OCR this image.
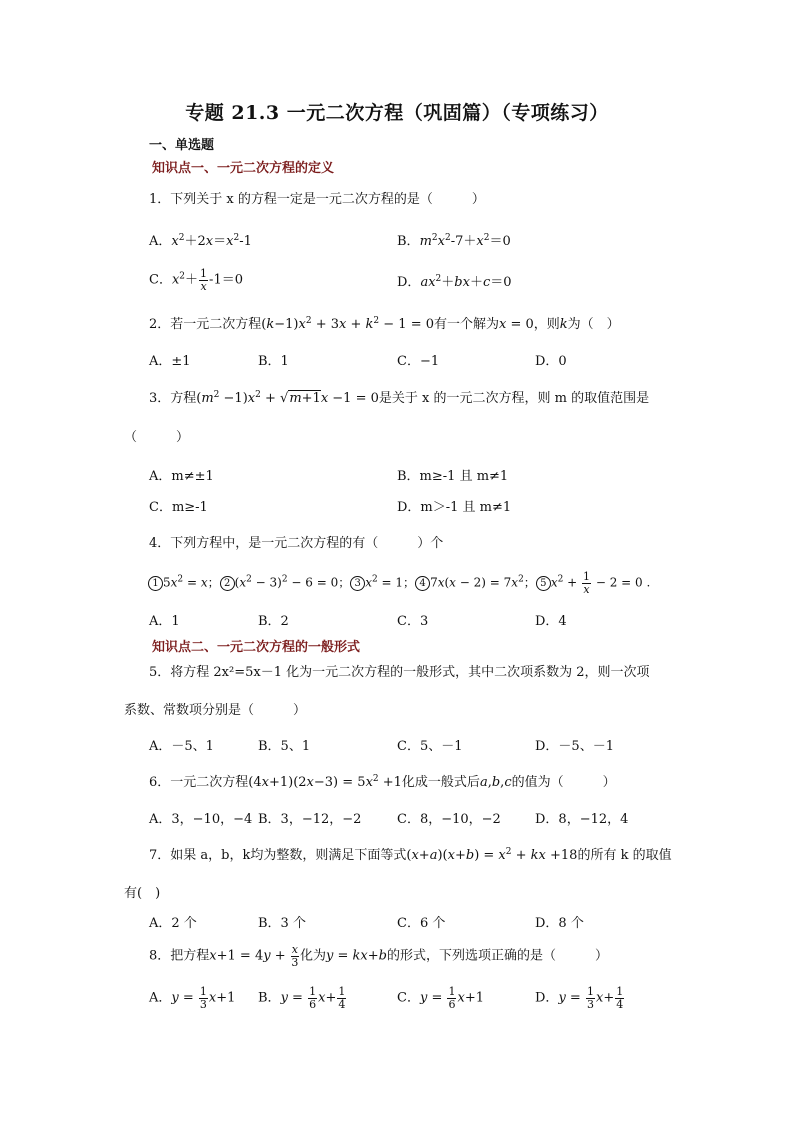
专题 21.3 一元二次方程（巩固篇）（专项练习）
一、单选题
知识点一、一元二次方程的定义
1．下列关于 x 的方程一定是一元二次方程的是（　　　）
A．$x^2+2x=x^2-1$	B．$m^2x^2-7+x^2=0$
C．$x^2+ \frac{1}{x} -1=0$	D．$ax^2+bx+c=0$
2．若一元二次方程$(k-1)x^2 + 3x + k^2 - 1 = 0$有一个解为x = 0，则k为（　）
A．±1	B．1	C．−1	D．0
3．方程$(m^2 -1)x^2 + √m+1x -1 = 0$是关于 x 的一元二次方程，则 m 的取值范围是
（　　　）
A．m≠±1	B．m≥-1 且 m≠1
C．m≥-1	D．m＞-1 且 m≠1
4．下列方程中，是一元二次方程的有（　　　）个
1 $5x^2 = x$； 2 $(x^2 - 3)^2 - 6 = 0$； 3 $x^2 = 1$； 4 $7x(x - 2) = 7x^2$； 5 $x^2 + \frac{1}{x} - 2 = 0$ .
A．1	B．2	C．3	D．4
知识点二、一元二次方程的一般形式
5．将方程 2x²=5x－1 化为一元二次方程的一般形式，其中二次项系数为 2，则一次项
系数、常数项分别是（　　　）
A．－5、1	B．5、1	C．5、－1	D．－5、－1
6．一元二次方程$(4x+1)(2x-3) = 5x^2 +1$化成一般式后a,b,c的值为（　　　）
A．3，−10，−4 B．3，−12，−2	C．8，−10，−2	D．8，−12，4
7．如果 a，b，k均为整数，则满足下面等式$(x+a)(x+b) = x^2$ + kx +18的所有 k 的取值
有(　)
A．2 个	B．3 个	C．6 个	D．8 个
8．把方程$x+1 = 4y + \frac{x}{3}$ 化为y = kx+b的形式，下列选项正确的是（　　　）
A．$y = \frac{1}{3} x+1$ B．$y = \frac{1}{6} x+ \frac{1}{4}$	C．$y = \frac{1}{6} x+1$	D．$y = \frac{1}{3} x+ \frac{1}{4}$
